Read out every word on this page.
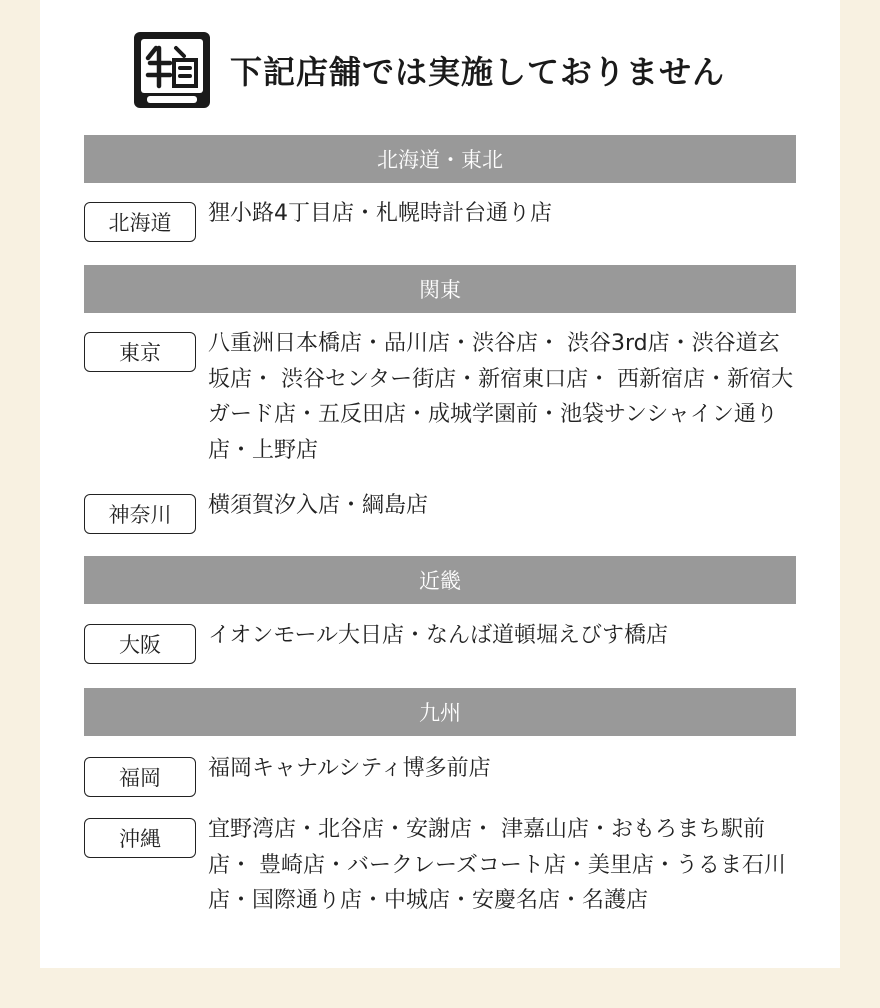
下記店舗では実施しておりません
北海道・東北
北海道	狸小路4丁目店・札幌時計台通り店
関東
東京	八重洲日本橋店・品川店・渋谷店・ 渋谷3rd店・渋谷道玄坂店・ 渋谷センター街店・新宿東口店・ 西新宿店・新宿大ガード店・五反田店・成城学園前・池袋サンシャイン通り店・上野店
神奈川	横須賀汐入店・綱島店
近畿
大阪	イオンモール大日店・なんば道頓堀えびす橋店
九州
福岡	福岡キャナルシティ博多前店
沖縄	宜野湾店・北谷店・安謝店・ 津嘉山店・おもろまち駅前店・ 豊崎店・バークレーズコート店・美里店・うるま石川店・国際通り店・中城店・安慶名店・名護店
